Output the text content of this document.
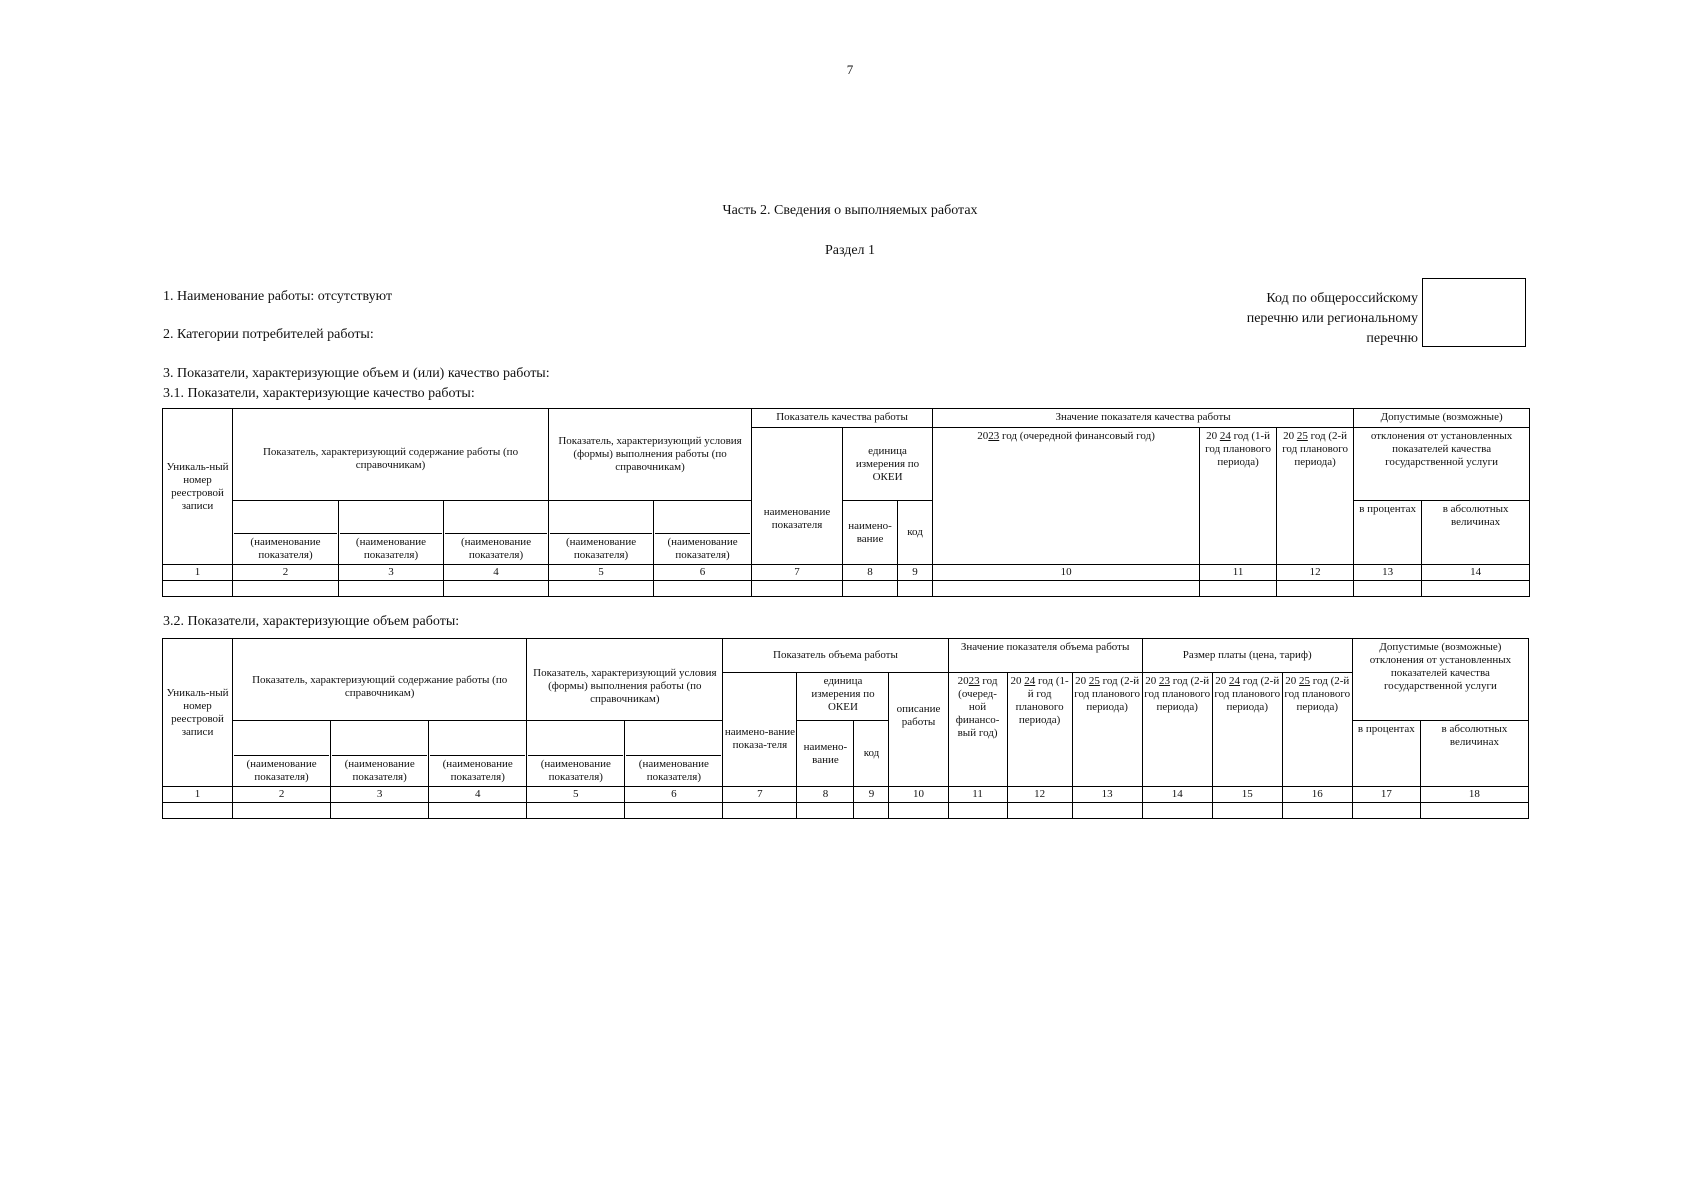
7
Часть 2. Сведения о выполняемых работах
Раздел 1
1. Наименование работы: отсутствуют
2. Категории потребителей работы:
Код по общероссийскому перечню или региональному перечню
3. Показатели, характеризующие объем и (или) качество работы:
3.1. Показатели, характеризующие качество работы:
Уникаль-ный номер реестровой записи	Показатель, характеризующий содержание работы (по справочникам)			Показатель, характеризующий условия (формы) выполнения работы (по справочникам)		Показатель качества работы			Значение показателя качества работы			Допустимые (возможные)	
						наименование показателя	единица измерения по ОКЕИ		2023 год (очередной финансовый год)	20 24 год (1-й год планового периода)	20 25 год (2-й год планового периода)	отклонения от установленных показателей качества государственной услуги	
	(наименование показателя)	(наименование показателя)	(наименование показателя)	(наименование показателя)	(наименование показателя)		наимено-вание	код				в процентах	в абсолютных величинах
1	2	3	4	5	6	7	8	9	10	11	12	13	14

3.2. Показатели, характеризующие объем работы:
Уникаль-ный номер реестровой записи	Показатель, характеризующий содержание работы (по справочникам)			Показатель, характеризующий условия (формы) выполнения работы (по справочникам)		Показатель объема работы				Значение показателя объема работы			Размер платы (цена, тариф)			Допустимые (возможные) отклонения от установленных показателей качества государственной услуги	
						наимено-вание показа-теля	единица измерения по ОКЕИ		описание работы	2023 год (очеред-ной финансо-вый год)	20 24 год (1-й год планового периода)	20 25 год (2-й год планового периода)	20 23 год (2-й год планового периода)	20 24 год (2-й год планового периода)	20 25 год (2-й год планового периода)		
	(наименование показателя)	(наименование показателя)	(наименование показателя)	(наименование показателя)	(наименование показателя)		наимено-вание	код								в процентах	в абсолютных величинах
1	2	3	4	5	6	7	8	9	10	11	12	13	14	15	16	17	18
